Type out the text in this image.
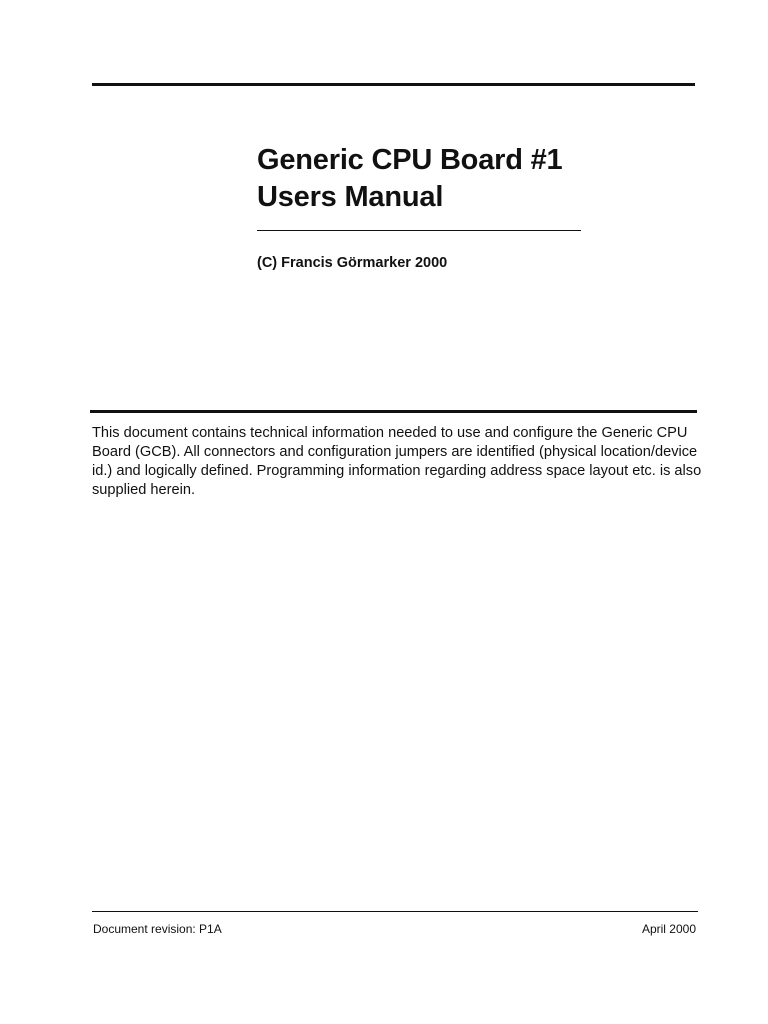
Generic CPU Board #1
Users Manual

(C) Francis Görmarker 2000

This document contains technical information needed to use and configure the Generic CPU Board (GCB). All connectors and configuration jumpers are identified (physical location/device id.) and logically defined. Programming information regarding address space layout etc. is also supplied herein.

Document revision: P1A	April 2000
